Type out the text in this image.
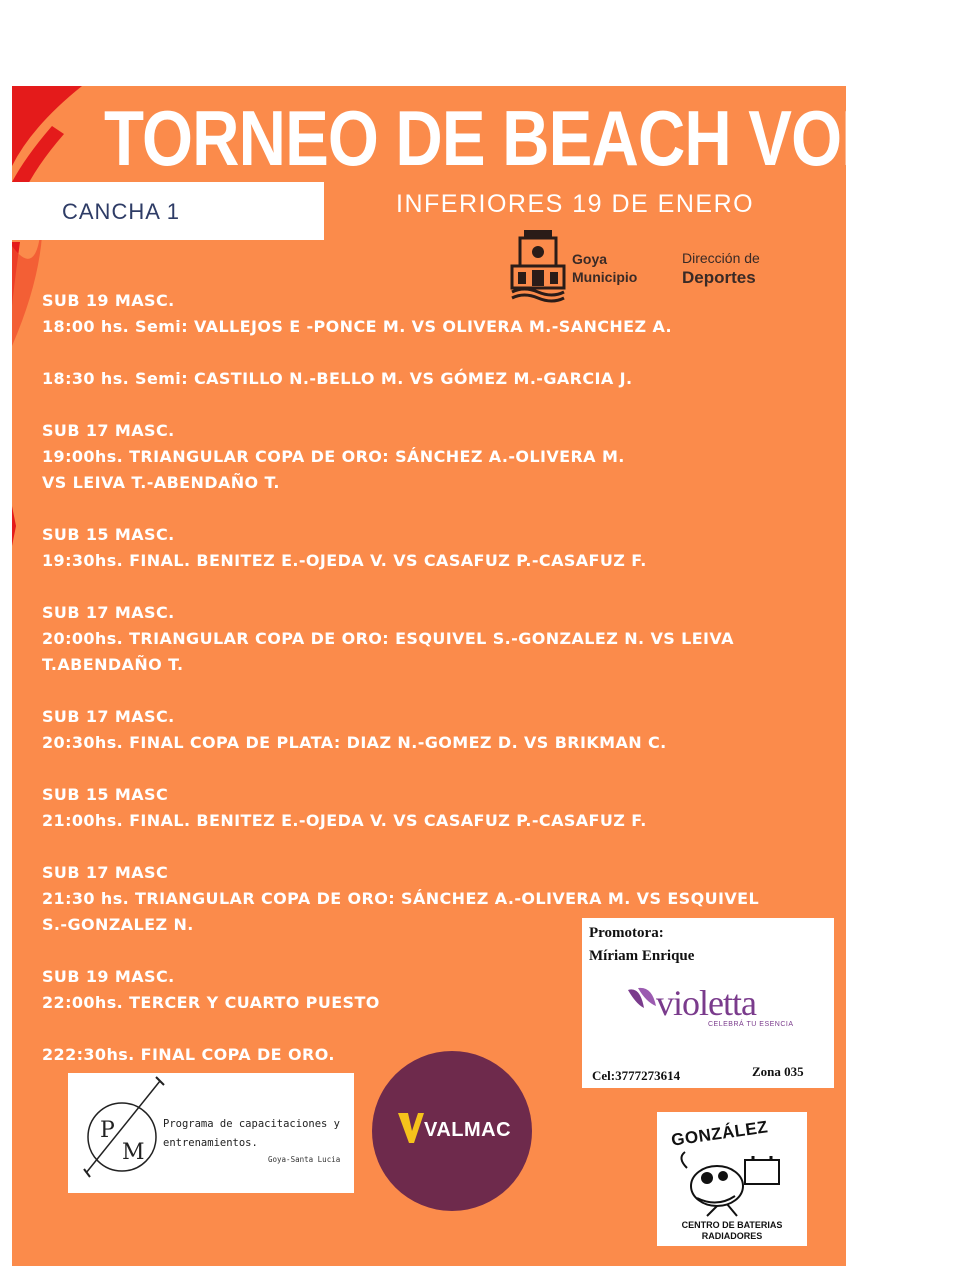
TORNEO DE BEACH VOLEY
CANCHA 1	INFERIORES 19 DE ENERO
Goya
Municipio
Dirección de
Deportes
SUB 19 MASC.
18:00 hs. Semi: VALLEJOS E -PONCE M. VS OLIVERA M.-SANCHEZ A.
18:30 hs. Semi: CASTILLO N.-BELLO M. VS GÓMEZ M.-GARCIA J.
SUB 17 MASC.
19:00hs. TRIANGULAR COPA DE ORO: SÁNCHEZ A.-OLIVERA M.
VS LEIVA T.-ABENDAÑO T.
SUB 15 MASC.
19:30hs. FINAL. BENITEZ E.-OJEDA V. VS CASAFUZ P.-CASAFUZ F.
SUB 17 MASC.
20:00hs. TRIANGULAR COPA DE ORO: ESQUIVEL S.-GONZALEZ N. VS LEIVA
T.ABENDAÑO T.
SUB 17 MASC.
20:30hs. FINAL COPA DE PLATA: DIAZ N.-GOMEZ D. VS BRIKMAN C.
SUB 15 MASC
21:00hs. FINAL. BENITEZ E.-OJEDA V. VS CASAFUZ P.-CASAFUZ F.
SUB 17 MASC
21:30 hs. TRIANGULAR COPA DE ORO: SÁNCHEZ A.-OLIVERA M. VS ESQUIVEL
S.-GONZALEZ N.
SUB 19 MASC.
22:00hs. TERCER Y CUARTO PUESTO
222:30hs. FINAL COPA DE ORO.
P
M
Programa de capacitaciones y
entrenamientos.
Goya-Santa Lucia
VALMAC
Promotora:
Míriam Enrique
violetta
CELEBRÁ TU ESENCIA
Cel:3777273614	Zona 035
GONZÁLEZ
CENTRO DE BATERIAS
RADIADORES
